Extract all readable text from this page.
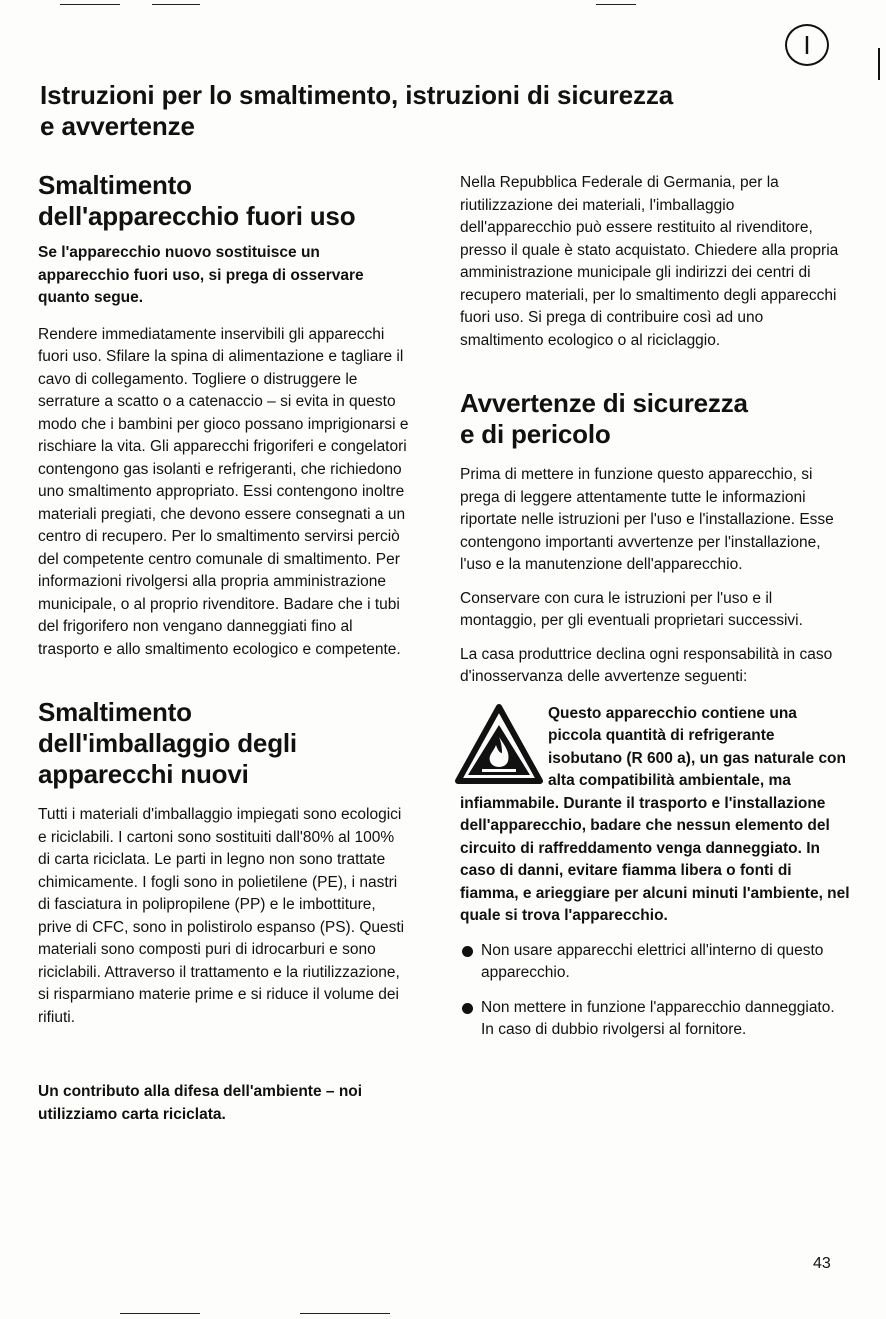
I
Istruzioni per lo smaltimento, istruzioni di sicurezza
e avvertenze
Smaltimento
dell'apparecchio fuori uso

Se l'apparecchio nuovo sostituisce un apparecchio fuori uso, si prega di osservare quanto segue.

Rendere immediatamente inservibili gli apparecchi fuori uso. Sfilare la spina di alimentazione e tagliare il cavo di collegamento. Togliere o distruggere le serrature a scatto o a catenaccio – si evita in questo modo che i bambini per gioco possano imprigionarsi e rischiare la vita. Gli apparecchi frigoriferi e congelatori contengono gas isolanti e refrigeranti, che richiedono uno smaltimento appropriato. Essi contengono inoltre materiali pregiati, che devono essere consegnati a un centro di recupero. Per lo smaltimento servirsi perciò del competente centro comunale di smaltimento. Per informazioni rivolgersi alla propria amministrazione municipale, o al proprio rivenditore. Badare che i tubi del frigorifero non vengano danneggiati fino al trasporto e allo smaltimento ecologico e competente.

Smaltimento
dell'imballaggio degli
apparecchi nuovi

Tutti i materiali d'imballaggio impiegati sono ecologici e riciclabili. I cartoni sono sostituiti dall'80% al 100% di carta riciclata. Le parti in legno non sono trattate chimicamente. I fogli sono in polietilene (PE), i nastri di fasciatura in polipropilene (PP) e le imbottiture, prive di CFC, sono in polistirolo espanso (PS). Questi materiali sono composti puri di idrocarburi e sono riciclabili. Attraverso il trattamento e la riutilizzazione, si risparmiano materie prime e si riduce il volume dei rifiuti.

Un contributo alla difesa dell'ambiente – noi utilizziamo carta riciclata.

Nella Repubblica Federale di Germania, per la riutilizzazione dei materiali, l'imballaggio dell'apparecchio può essere restituito al rivenditore, presso il quale è stato acquistato. Chiedere alla propria amministrazione municipale gli indirizzi dei centri di recupero materiali, per lo smaltimento degli apparecchi fuori uso. Si prega di contribuire così ad uno smaltimento ecologico o al riciclaggio.

Avvertenze di sicurezza
e di pericolo

Prima di mettere in funzione questo apparecchio, si prega di leggere attentamente tutte le informazioni riportate nelle istruzioni per l'uso e l'installazione. Esse contengono importanti avvertenze per l'installazione, l'uso e la manutenzione dell'apparecchio.

Conservare con cura le istruzioni per l'uso e il montaggio, per gli eventuali proprietari successivi.

La casa produttrice declina ogni responsabilità in caso d'inosservanza delle avvertenze seguenti:

Questo apparecchio contiene una piccola quantità di refrigerante isobutano (R 600 a), un gas naturale con alta compatibilità ambientale, ma infiammabile. Durante il trasporto e l'installazione dell'apparecchio, badare che nessun elemento del circuito di raffreddamento venga danneggiato. In caso di danni, evitare fiamma libera o fonti di fiamma, e arieggiare per alcuni minuti l'ambiente, nel quale si trova l'apparecchio.

Non usare apparecchi elettrici all'interno di questo apparecchio.
Non mettere in funzione l'apparecchio danneggiato. In caso di dubbio rivolgersi al fornitore.
43
